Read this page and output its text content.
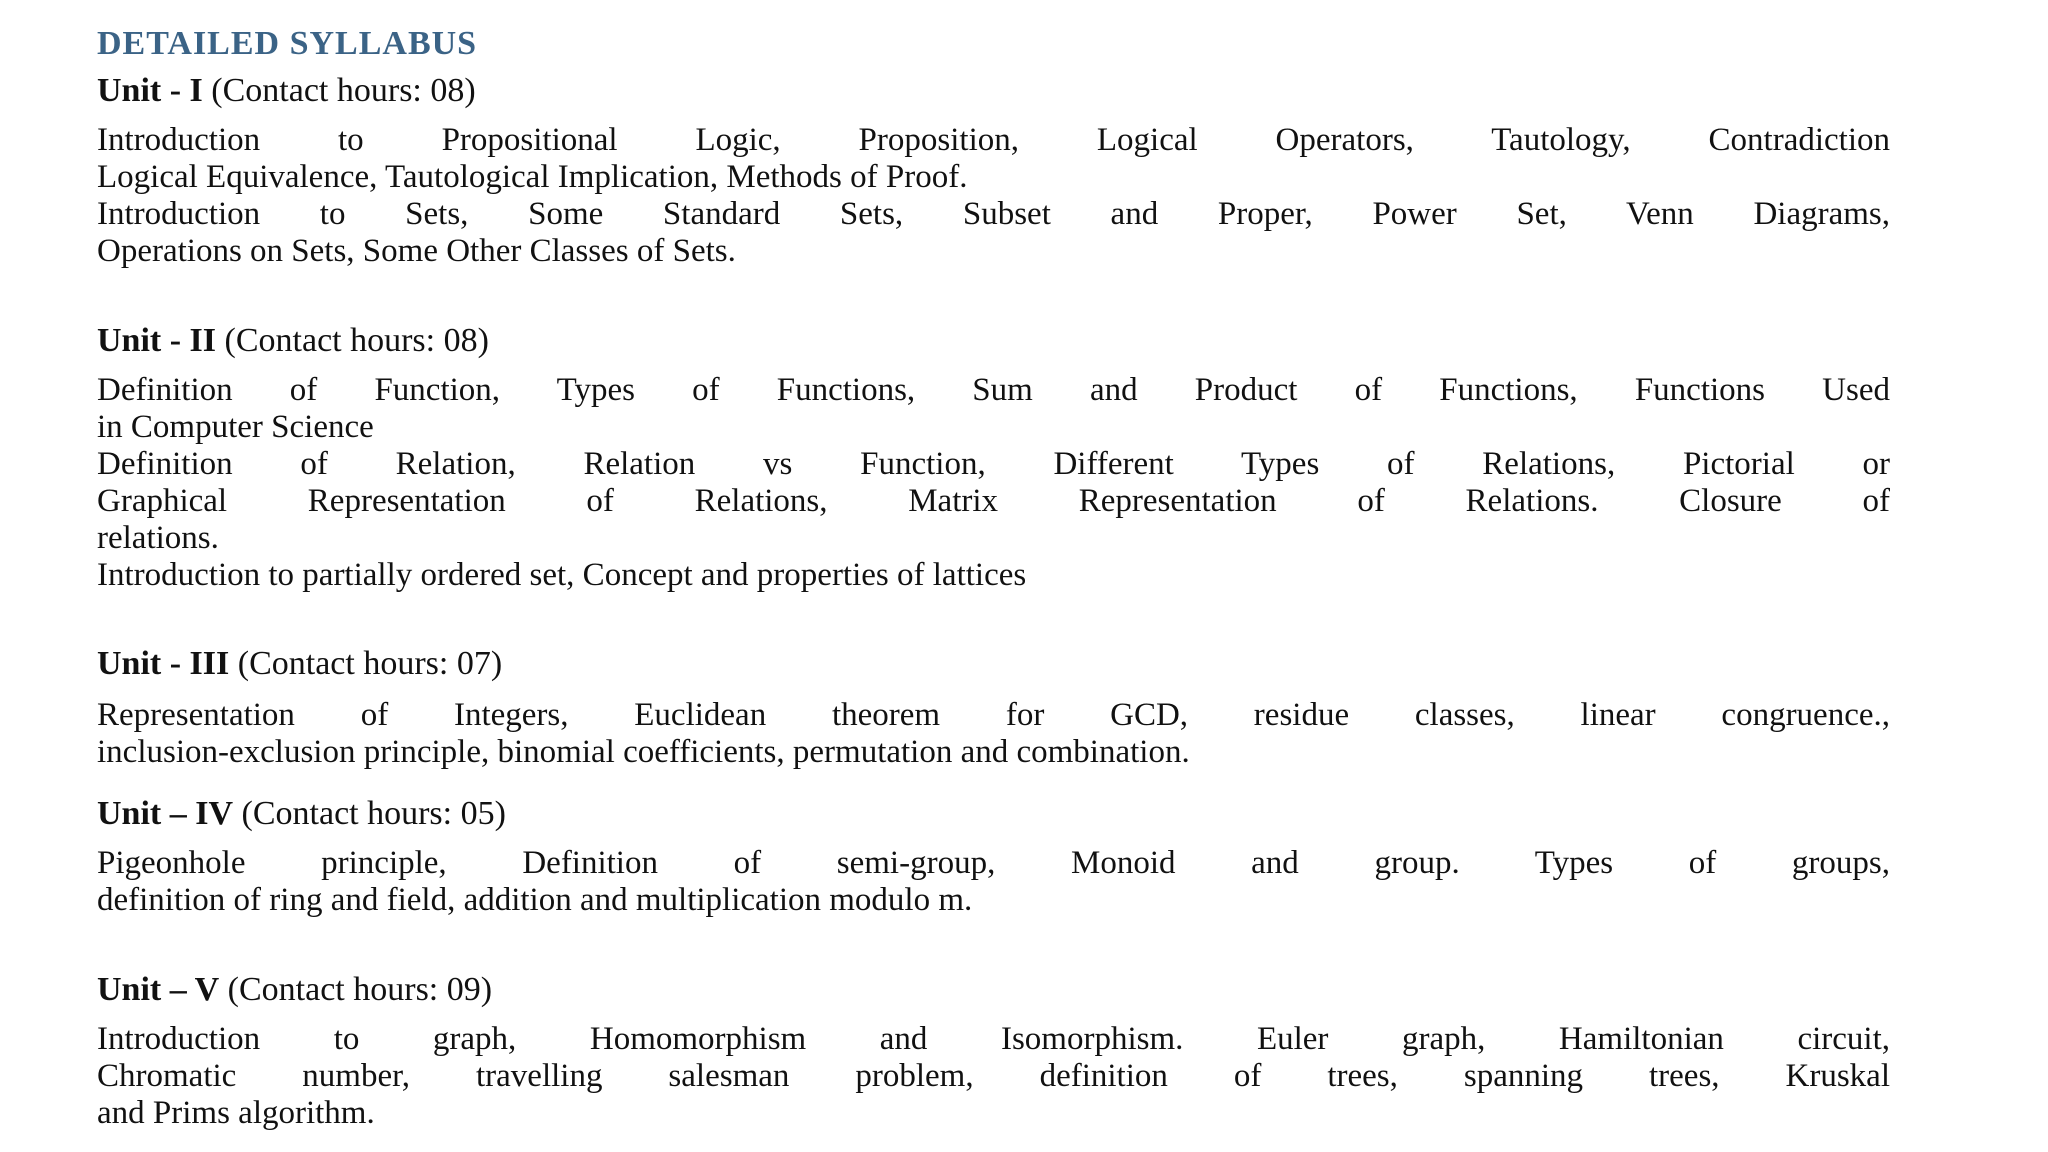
DETAILED SYLLABUS
Unit - I (Contact hours: 08)

Introduction to Propositional Logic, Proposition, Logical Operators, Tautology, Contradiction

Logical Equivalence, Tautological Implication, Methods of Proof.

Introduction to Sets, Some Standard Sets, Subset and Proper, Power Set, Venn Diagrams,

Operations on Sets, Some Other Classes of Sets.

Unit - II (Contact hours: 08)

Definition of Function, Types of Functions, Sum and Product of Functions, Functions Used

in Computer Science

Definition of Relation, Relation vs Function, Different Types of Relations, Pictorial or

Graphical Representation of Relations, Matrix Representation of Relations. Closure of

relations.

Introduction to partially ordered set, Concept and properties of lattices

Unit - III (Contact hours: 07)

Representation of Integers, Euclidean theorem for GCD, residue classes, linear congruence.,

inclusion-exclusion principle, binomial coefficients, permutation and combination.

Unit – IV (Contact hours: 05)

Pigeonhole principle, Definition of semi-group, Monoid and group. Types of groups,

definition of ring and field, addition and multiplication modulo m.

Unit – V (Contact hours: 09)

Introduction to graph, Homomorphism and Isomorphism. Euler graph, Hamiltonian circuit,

Chromatic number, travelling salesman problem, definition of trees, spanning trees, Kruskal

and Prims algorithm.
